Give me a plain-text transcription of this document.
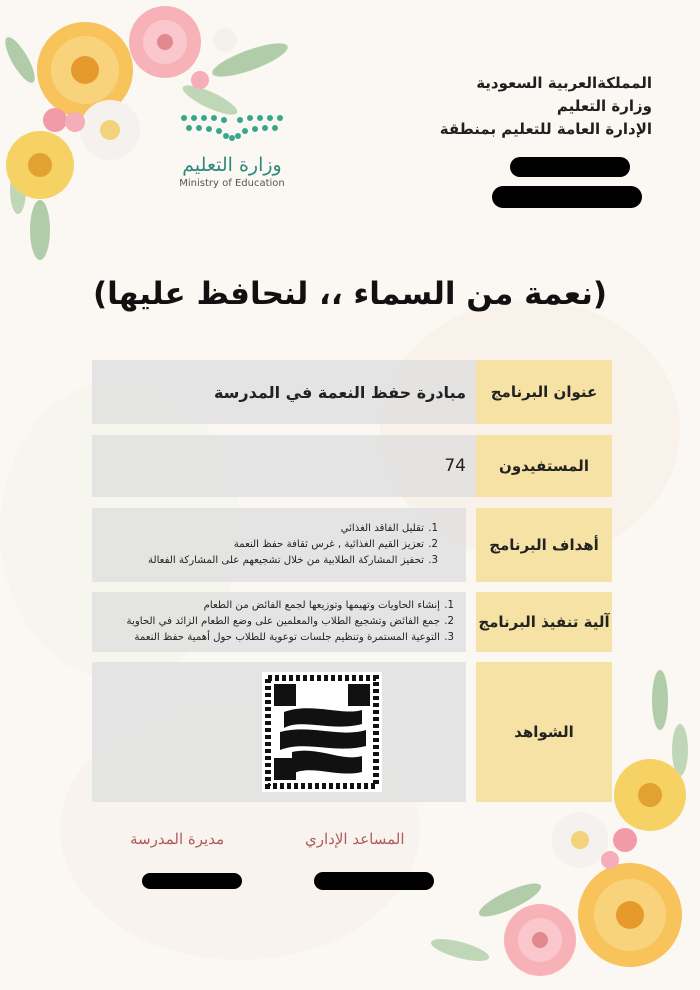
وزارة التعليم
Ministry of Education
المملكةالعربية السعودية
وزارة التعليم
الإدارة العامة للتعليم بمنطقة
(نعمة من السماء ،، لنحافظ عليها)
مبادرة حفظ النعمة في المدرسة	عنوان البرنامج
74	المستفيدون
1.تقليل الفاقد الغذائي
2.تعزيز القيم الغذائية , غرس ثقافة حفظ النعمة
3.تحفيز المشاركة الطلابية من خلال تشجيعهم على المشاركة الفعالة
أهداف البرنامج
1.إنشاء الحاويات وتهيمها وتوزيعها لجمع الفائض من الطعام
2.جمع الفائض وتشجيع الطلاب والمعلمين على وضع الطعام الزائد في الحاوية
3.التوعية المستمرة وتنظيم جلسات توعوية للطلاب حول أهمية حفظ النعمة
آلية تنفيذ البرنامج
الشواهد
المساعد الإداري
مديرة المدرسة
